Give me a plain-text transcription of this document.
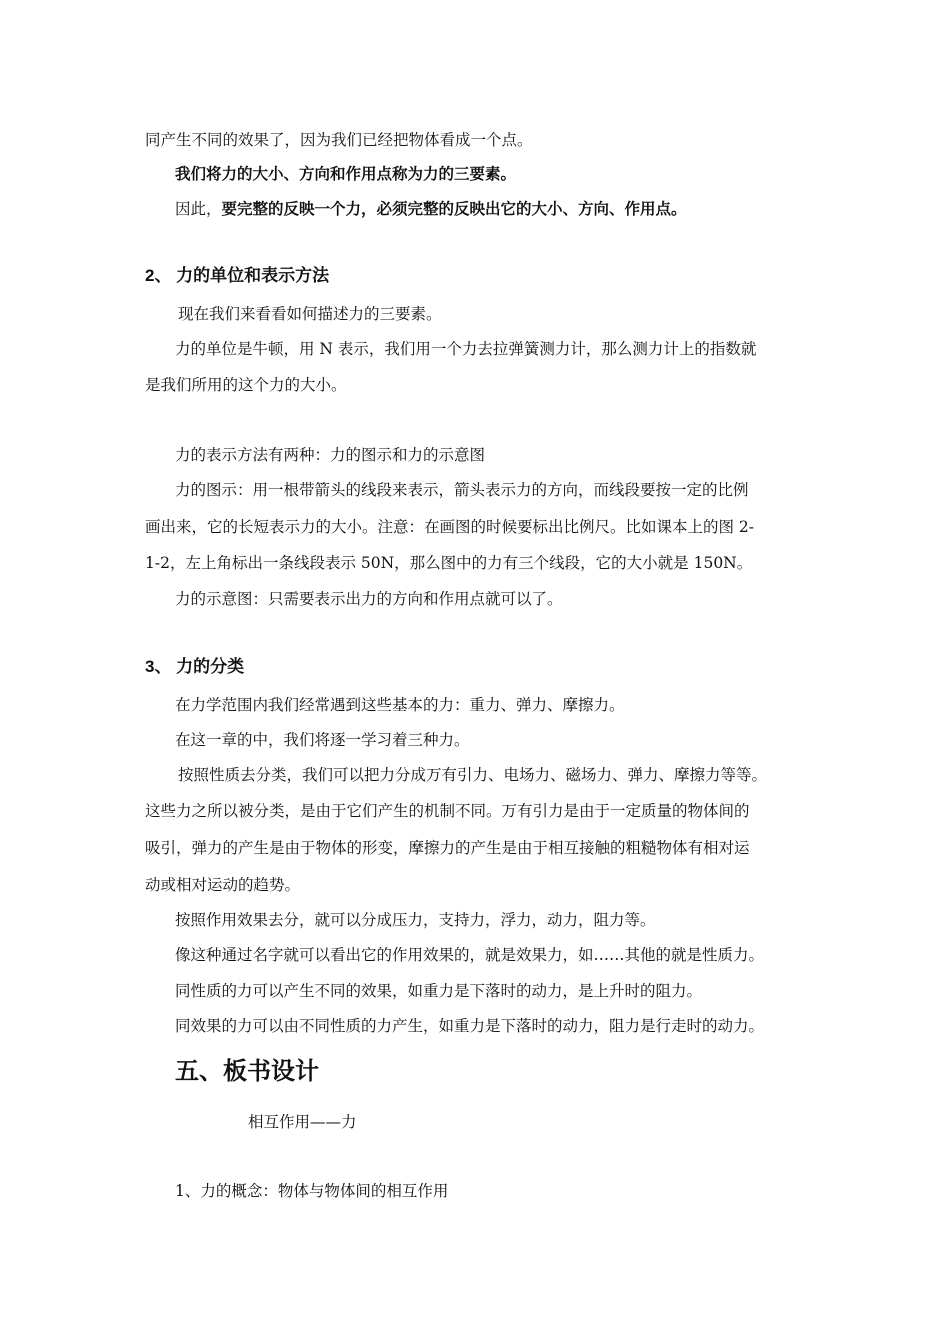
同产生不同的效果了，因为我们已经把物体看成一个点。
我们将力的大小、方向和作用点称为力的三要素。
因此，要完整的反映一个力，必须完整的反映出它的大小、方向、作用点。
2、 力的单位和表示方法
现在我们来看看如何描述力的三要素。
力的单位是牛顿，用 N 表示，我们用一个力去拉弹簧测力计，那么测力计上的指数就
是我们所用的这个力的大小。
力的表示方法有两种：力的图示和力的示意图
力的图示：用一根带箭头的线段来表示，箭头表示力的方向，而线段要按一定的比例
画出来，它的长短表示力的大小。注意：在画图的时候要标出比例尺。比如课本上的图 2-
1-2，左上角标出一条线段表示 50N，那么图中的力有三个线段，它的大小就是 150N。
力的示意图：只需要表示出力的方向和作用点就可以了。
3、 力的分类
在力学范围内我们经常遇到这些基本的力：重力、弹力、摩擦力。
在这一章的中，我们将逐一学习着三种力。
按照性质去分类，我们可以把力分成万有引力、电场力、磁场力、弹力、摩擦力等等。
这些力之所以被分类，是由于它们产生的机制不同。万有引力是由于一定质量的物体间的
吸引，弹力的产生是由于物体的形变，摩擦力的产生是由于相互接触的粗糙物体有相对运
动或相对运动的趋势。
按照作用效果去分，就可以分成压力，支持力，浮力，动力，阻力等。
像这种通过名字就可以看出它的作用效果的，就是效果力，如……其他的就是性质力。
同性质的力可以产生不同的效果，如重力是下落时的动力，是上升时的阻力。
同效果的力可以由不同性质的力产生，如重力是下落时的动力，阻力是行走时的动力。
五、板书设计
相互作用——力
1、力的概念：物体与物体间的相互作用
